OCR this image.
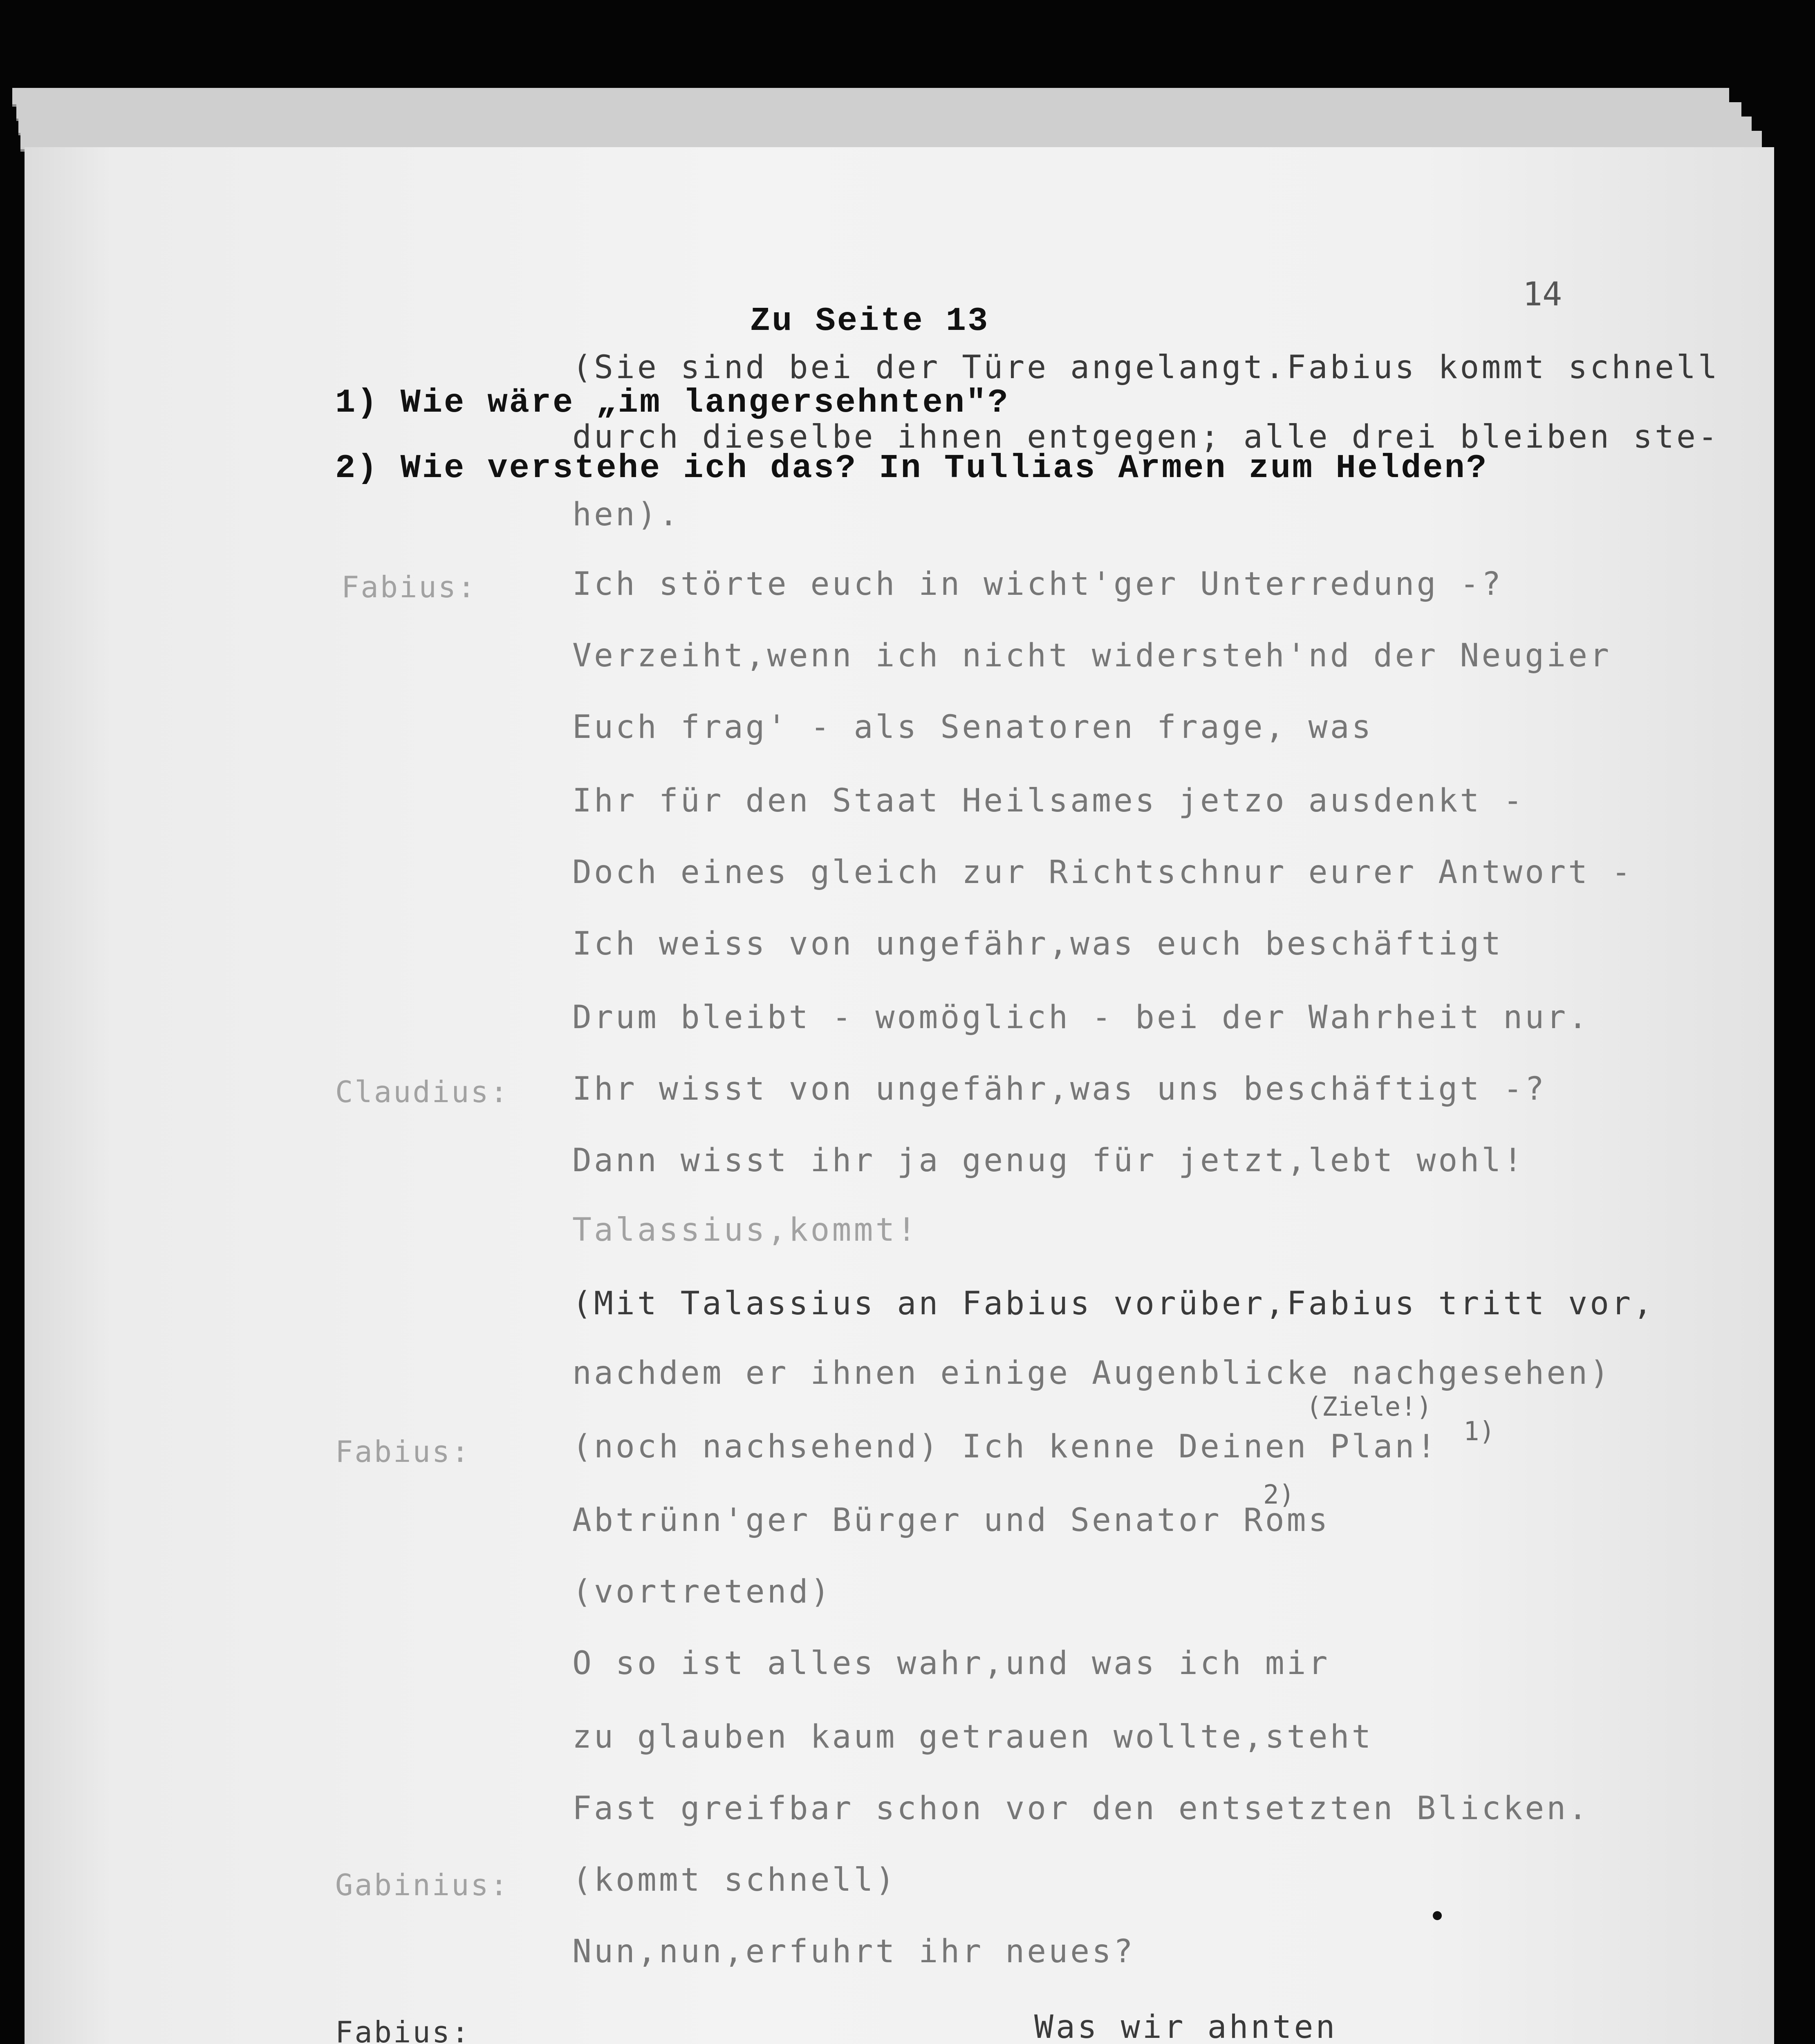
14

Zu Seite 13

1) Wie wäre „im langersehnten"?

2) Wie verstehe ich das? In Tullias Armen zum Helden?

(Sie sind bei der Türe angelangt.Fabius kommt schnell

durch dieselbe ihnen entgegen; alle drei bleiben ste-

hen).

Fabius:	Ich störte euch in wicht'ger Unterredung -?

Verzeiht,wenn ich nicht widersteh'nd der Neugier

Euch frag' - als Senatoren frage, was

Ihr für den Staat Heilsames jetzo ausdenkt -

Doch eines gleich zur Richtschnur eurer Antwort -

Ich weiss von ungefähr,was euch beschäftigt

Drum bleibt - womöglich - bei der Wahrheit nur.

Claudius: Ihr wisst von ungefähr,was uns beschäftigt -?

Dann wisst ihr ja genug für jetzt,lebt wohl!

Talassius,kommt!

(Mit Talassius an Fabius vorüber,Fabius tritt vor,

nachdem er ihnen einige Augenblicke nachgesehen)

(Ziele!)

1)

Fabius:	(noch nachsehend) Ich kenne Deinen Plan!

2)

Abtrünn'ger Bürger und Senator Roms

(vortretend)

O so ist alles wahr,und was ich mir

zu glauben kaum getrauen wollte,steht

Fast greifbar schon vor den entsetzten Blicken.

Gabinius: (kommt schnell)

Nun,nun,erfuhrt ihr neues?

Fabius:	Was wir ahnten
